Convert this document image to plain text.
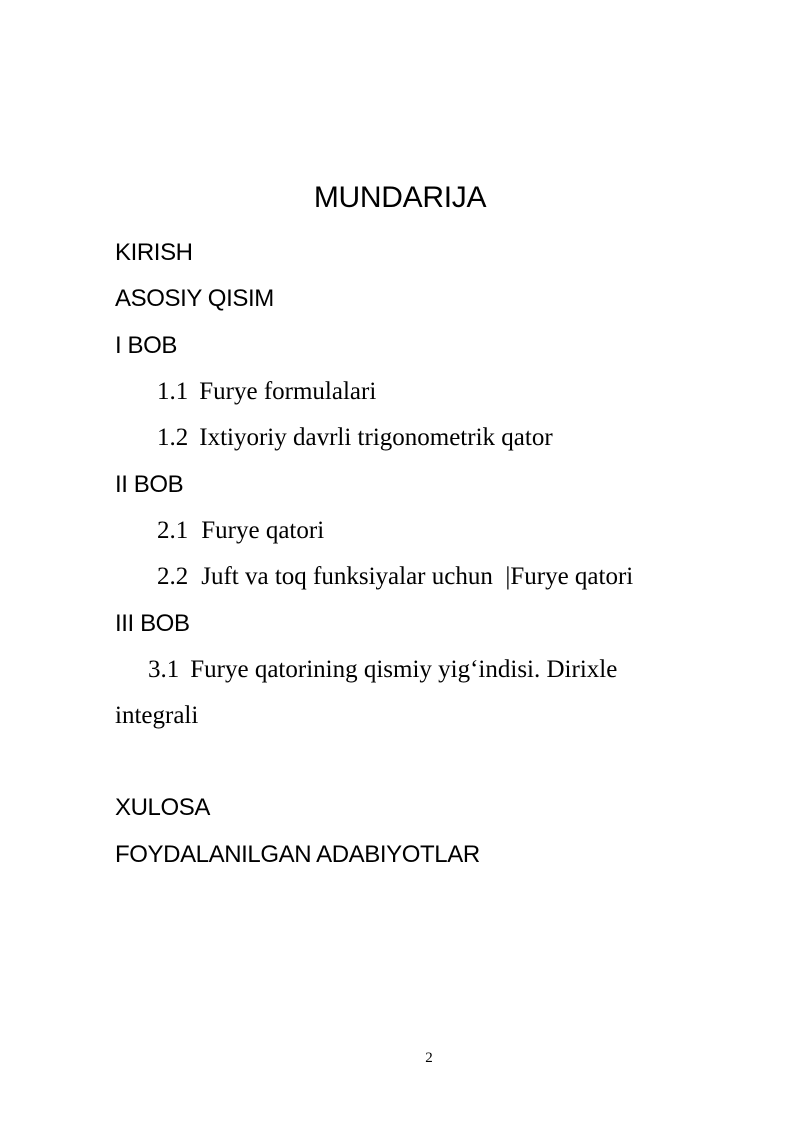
MUNDARIJA
KIRISH
ASOSIY QISIM
I BOB
1.1 Furye formulalari
1.2 Ixtiyoriy davrli trigonometrik qator
II BOB
2.1 Furye qatori
2.2 Juft va toq funksiyalar uchun  |Furye qatori
III BOB
3.1 Furye qatorining qismiy yig‘indisi. Dirixle
integrali
XULOSA
FOYDALANILGAN ADABIYOTLAR
2
